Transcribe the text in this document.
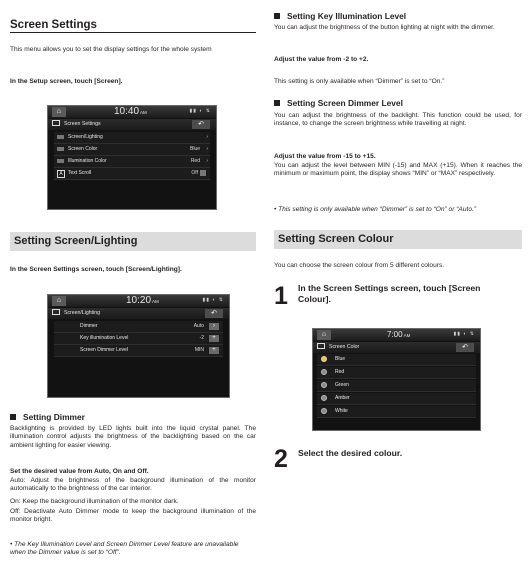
Screen Settings

This menu allows you to set the display settings for the whole system

In the Setup screen, touch [Screen].

⌂	10:40AM	▮▮ ◐ ⇅
Screen Settings	↶
Screen/Lighting	›
Screen Color	Blue ›
Illumination Color	Red ›
A	Text Scroll	Off
Setting Screen/Lighting

In the Screen Settings screen, touch [Screen/Lighting].

⌂	10:20AM	▮▮ ◐ ⇅
Screen/Lighting	↶
Dimmer	Auto	›
Key illumination Level	-2	+
Screen Dimmer Level	MIN	+
Setting Dimmer

Backlighting is provided by LED lights built into the liquid crystal panel. The illumination control adjusts the brightness of the backlighting based on the car ambient lighting for easier viewing.

Set the desired value from Auto, On and Off.

Auto: Adjust the brightness of the background illumination of the monitor automatically to the brightness of the car interior.

On: Keep the background illumination of the monitor dark.

Off: Deactivate Auto Dimmer mode to keep the background illumination of the monitor bright.

• The Key Illumination Level and Screen Dimmer Level feature are unavailable when the Dimmer value is set to “Off”.

Setting Key Illumination Level

You can adjust the brightness of the button lighting at night with the dimmer.

Adjust the value from -2 to +2.

This setting is only available when “Dimmer” is set to “On.”

Setting Screen Dimmer Level

You can adjust the brightness of the backlight. This function could be used, for instance, to change the screen brightness while travelling at night.

Adjust the value from -15 to +15.

You can adjust the level between MIN (-15) and MAX (+15). When it reaches the minimum or maximum point, the display shows “MIN” or “MAX” respectively.

• This setting is only available when “Dimmer” is set to “On” or “Auto.”

Setting Screen Colour

You can choose the screen colour from 5 different colours.

1 In the Screen Settings screen, touch [Screen Colour].

⌂	7:00AM	▮▮ ◐ ⇅
Screen Color	↶
Blue
Red
Green
Amber
White
2 Select the desired colour.
